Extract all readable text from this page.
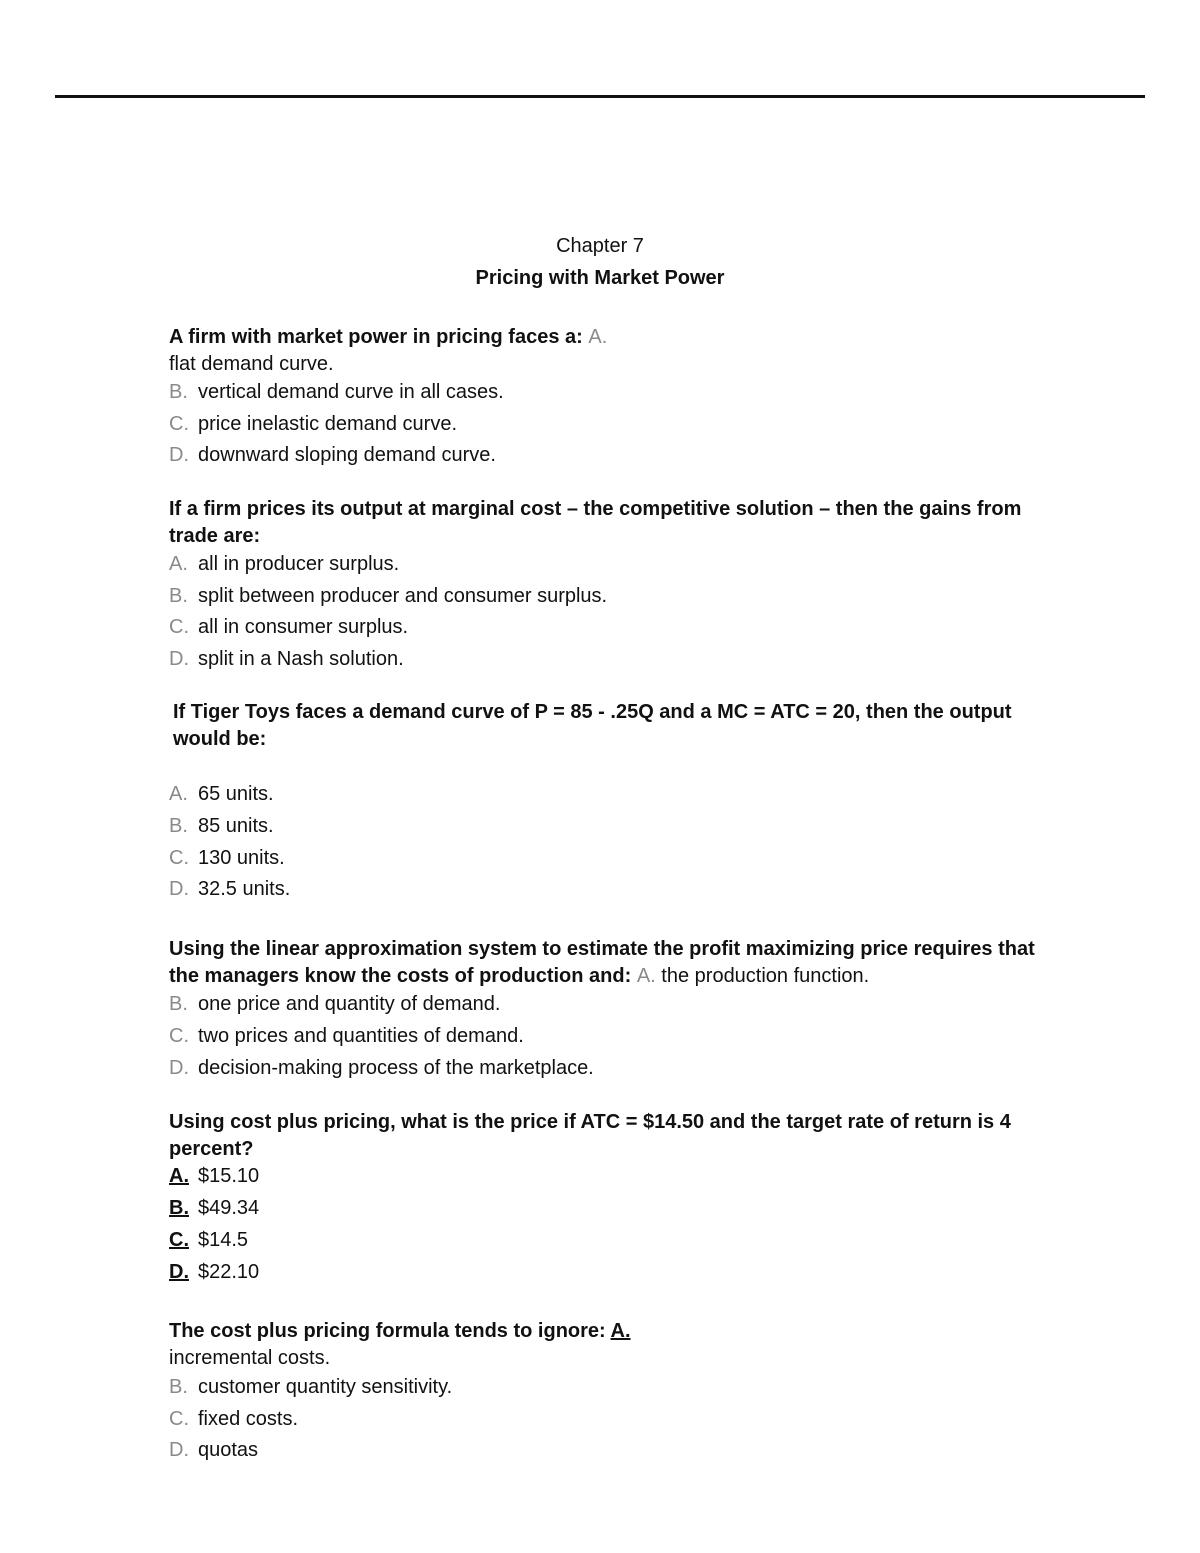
Chapter 7
Pricing with Market Power
A firm with market power in pricing faces a: A.
flat demand curve.
B. vertical demand curve in all cases.
C. price inelastic demand curve.
D. downward sloping demand curve.
If a firm prices its output at marginal cost – the competitive solution – then the gains from trade are:
A. all in producer surplus.
B. split between producer and consumer surplus.
C. all in consumer surplus.
D. split in a Nash solution.
If Tiger Toys faces a demand curve of P = 85 - .25Q and a MC = ATC = 20, then the output would be:
A. 65 units.
B. 85 units.
C. 130 units.
D. 32.5 units.
Using the linear approximation system to estimate the profit maximizing price requires that the managers know the costs of production and: A. the production function.
B. one price and quantity of demand.
C. two prices and quantities of demand.
D. decision-making process of the marketplace.
Using cost plus pricing, what is the price if ATC = $14.50 and the target rate of return is 4 percent?
A. $15.10
B. $49.34
C. $14.5
D. $22.10
The cost plus pricing formula tends to ignore: A.
incremental costs.
B. customer quantity sensitivity.
C. fixed costs.
D. quotas
